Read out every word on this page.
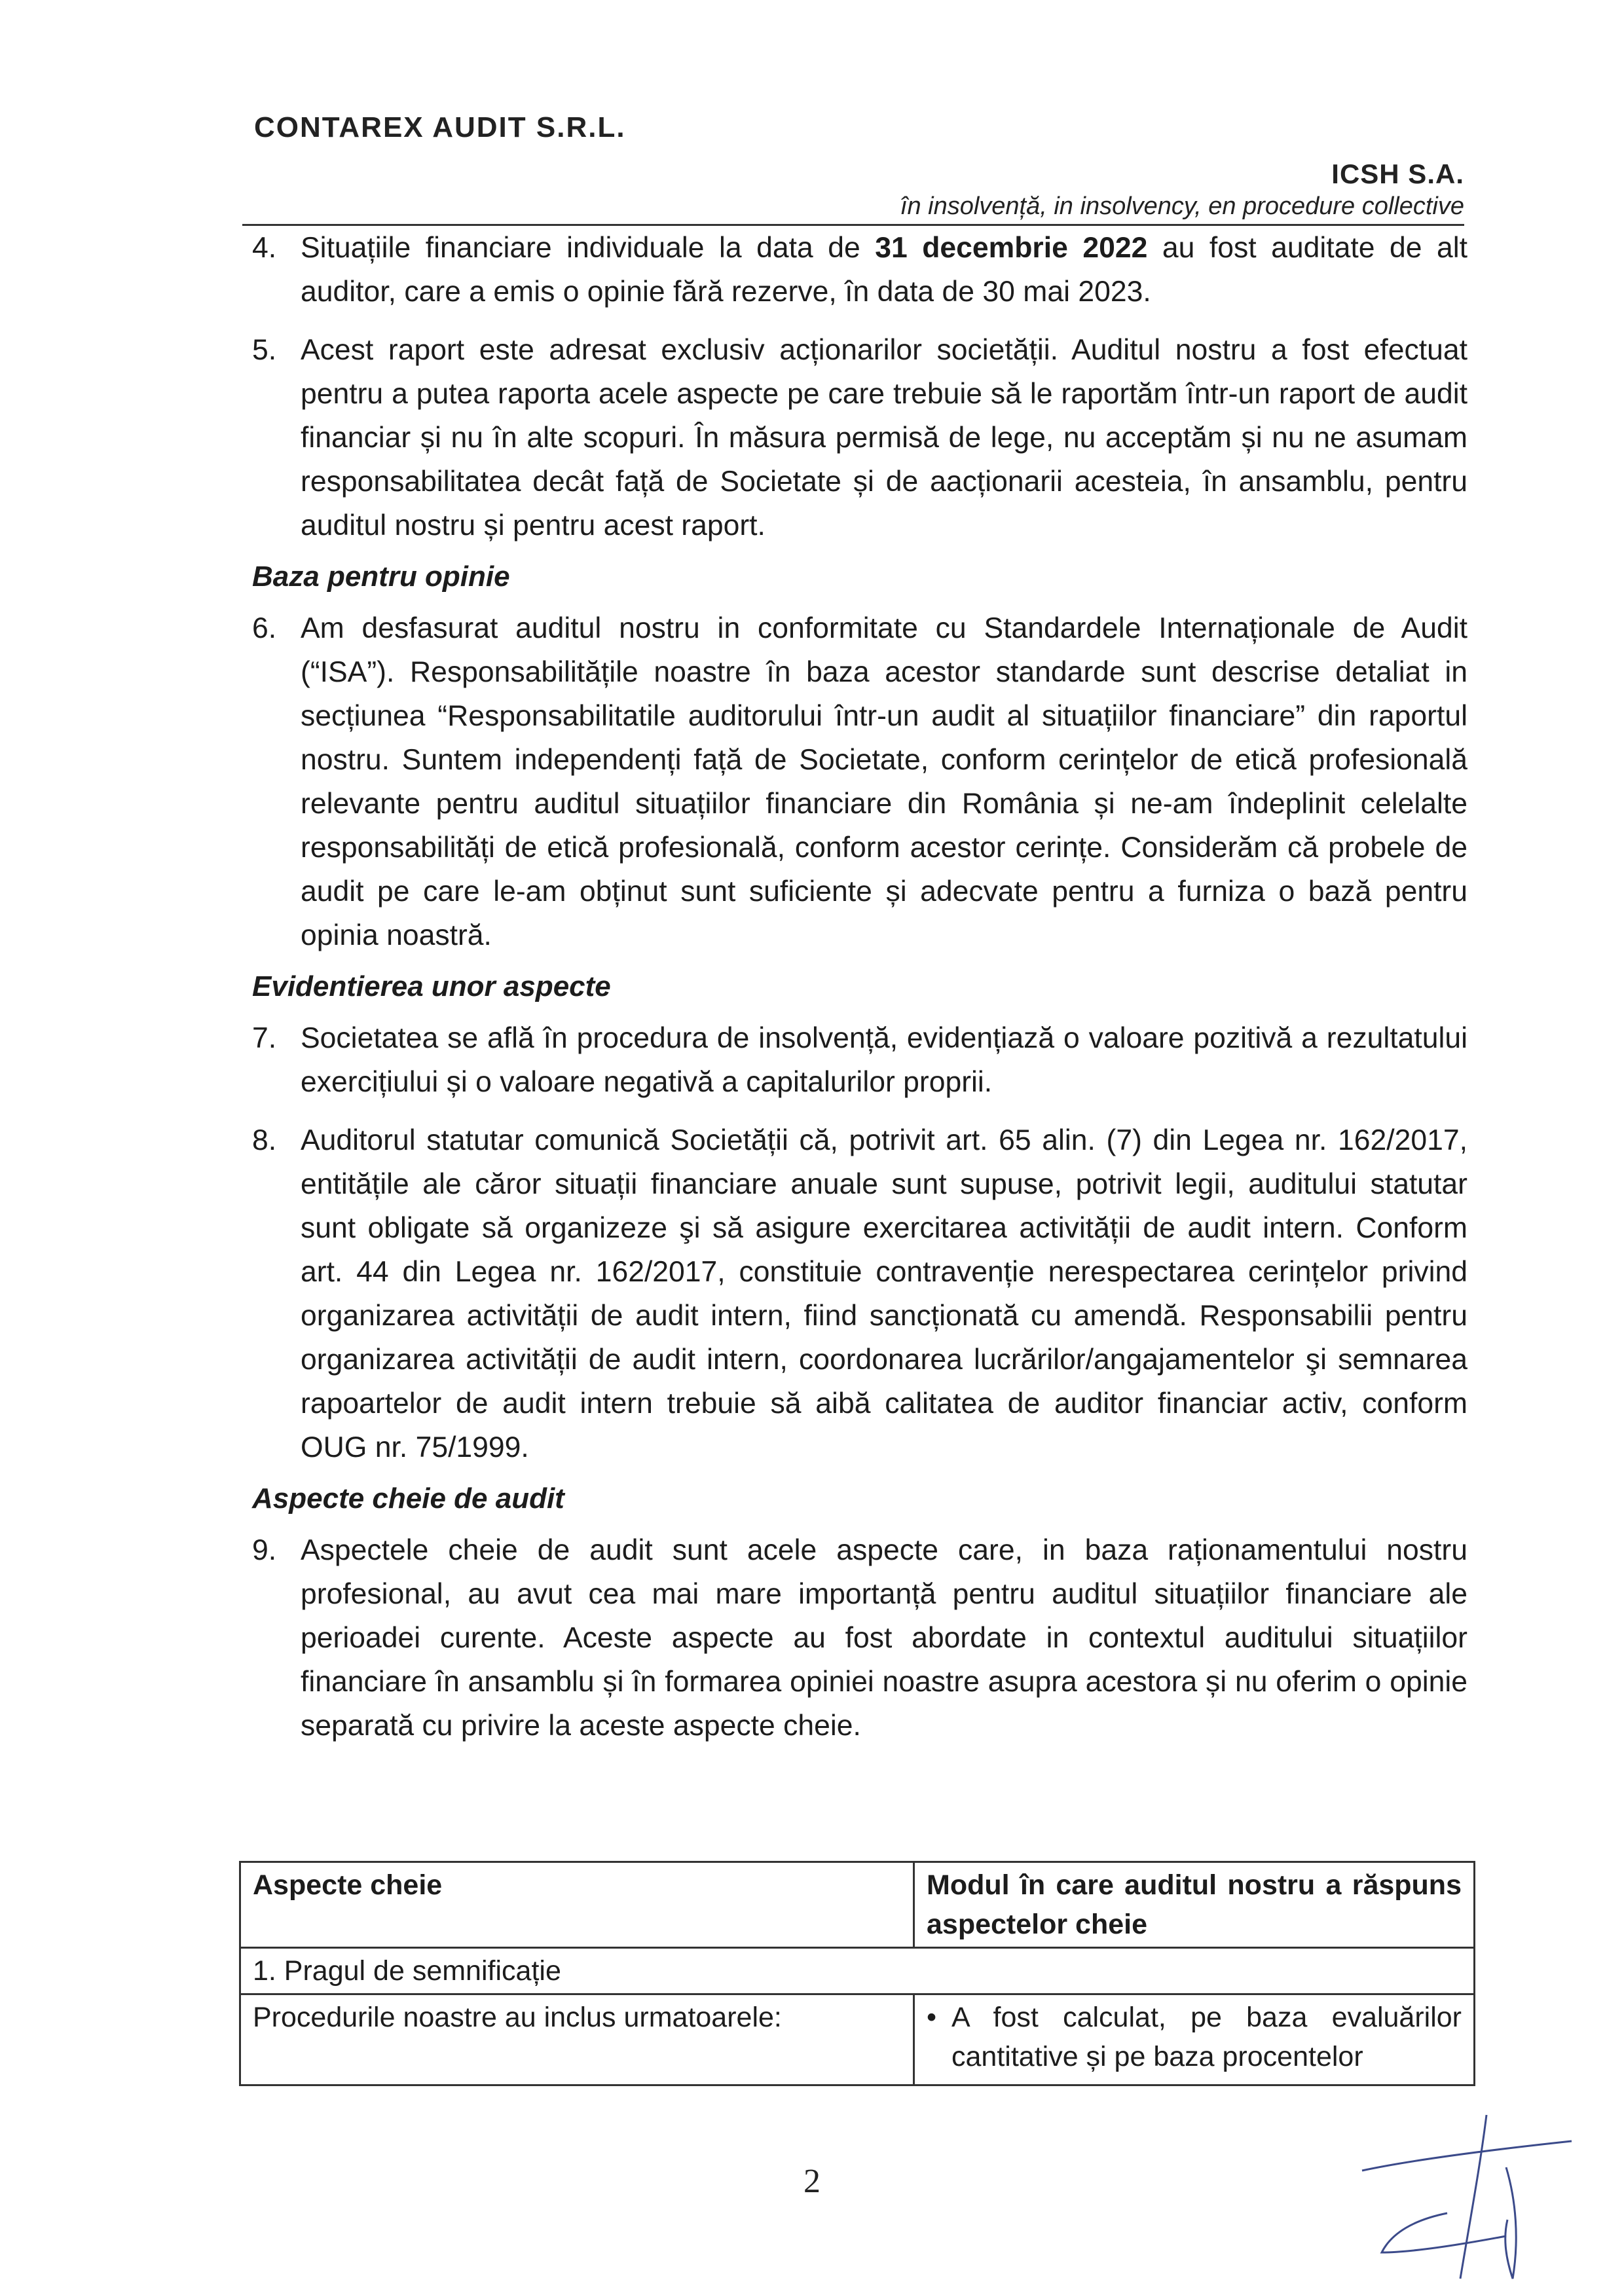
CONTAREX AUDIT S.R.L.
ICSH S.A.
în insolvență, in insolvency, en procedure collective
4. Situațiile financiare individuale la data de 31 decembrie 2022 au fost auditate de alt auditor, care a emis o opinie fără rezerve, în data de 30 mai 2023.
5. Acest raport este adresat exclusiv acționarilor societății. Auditul nostru a fost efectuat pentru a putea raporta acele aspecte pe care trebuie să le raportăm într-un raport de audit financiar și nu în alte scopuri. În măsura permisă de lege, nu acceptăm și nu ne asumam responsabilitatea decât față de Societate și de aacționarii acesteia, în ansamblu, pentru auditul nostru și pentru acest raport.
Baza pentru opinie
6. Am desfasurat auditul nostru in conformitate cu Standardele Internaționale de Audit (“ISA”). Responsabilitățile noastre în baza acestor standarde sunt descrise detaliat in secțiunea “Responsabilitatile auditorului într-un audit al situațiilor financiare” din raportul nostru. Suntem independenți față de Societate, conform cerințelor de etică profesională relevante pentru auditul situațiilor financiare din România și ne-am îndeplinit celelalte responsabilități de etică profesională, conform acestor cerințe. Considerăm că probele de audit pe care le-am obținut sunt suficiente și adecvate pentru a furniza o bază pentru opinia noastră.
Evidentierea unor aspecte
7. Societatea se află în procedura de insolvență, evidențiază o valoare pozitivă a rezultatului exercițiului și o valoare negativă a capitalurilor proprii.
8. Auditorul statutar comunică Societății că, potrivit art. 65 alin. (7) din Legea nr. 162/2017, entitățile ale căror situații financiare anuale sunt supuse, potrivit legii, auditului statutar sunt obligate să organizeze şi să asigure exercitarea activității de audit intern. Conform art. 44 din Legea nr. 162/2017, constituie contravenție nerespectarea cerințelor privind organizarea activității de audit intern, fiind sancționată cu amendă. Responsabilii pentru organizarea activității de audit intern, coordonarea lucrărilor/angajamentelor şi semnarea rapoartelor de audit intern trebuie să aibă calitatea de auditor financiar activ, conform OUG nr. 75/1999.
Aspecte cheie de audit
9. Aspectele cheie de audit sunt acele aspecte care, in baza raționamentului nostru profesional, au avut cea mai mare importanță pentru auditul situațiilor financiare ale perioadei curente. Aceste aspecte au fost abordate in contextul auditului situațiilor financiare în ansamblu și în formarea opiniei noastre asupra acestora și nu oferim o opinie separată cu privire la aceste aspecte cheie.
Aspecte cheie	Modul în care auditul nostru a răspuns aspectelor cheie
1. Pragul de semnificație	
Procedurile noastre au inclus urmatoarele:	• A fost calculat, pe baza evaluărilor cantitative și pe baza procentelor
2
